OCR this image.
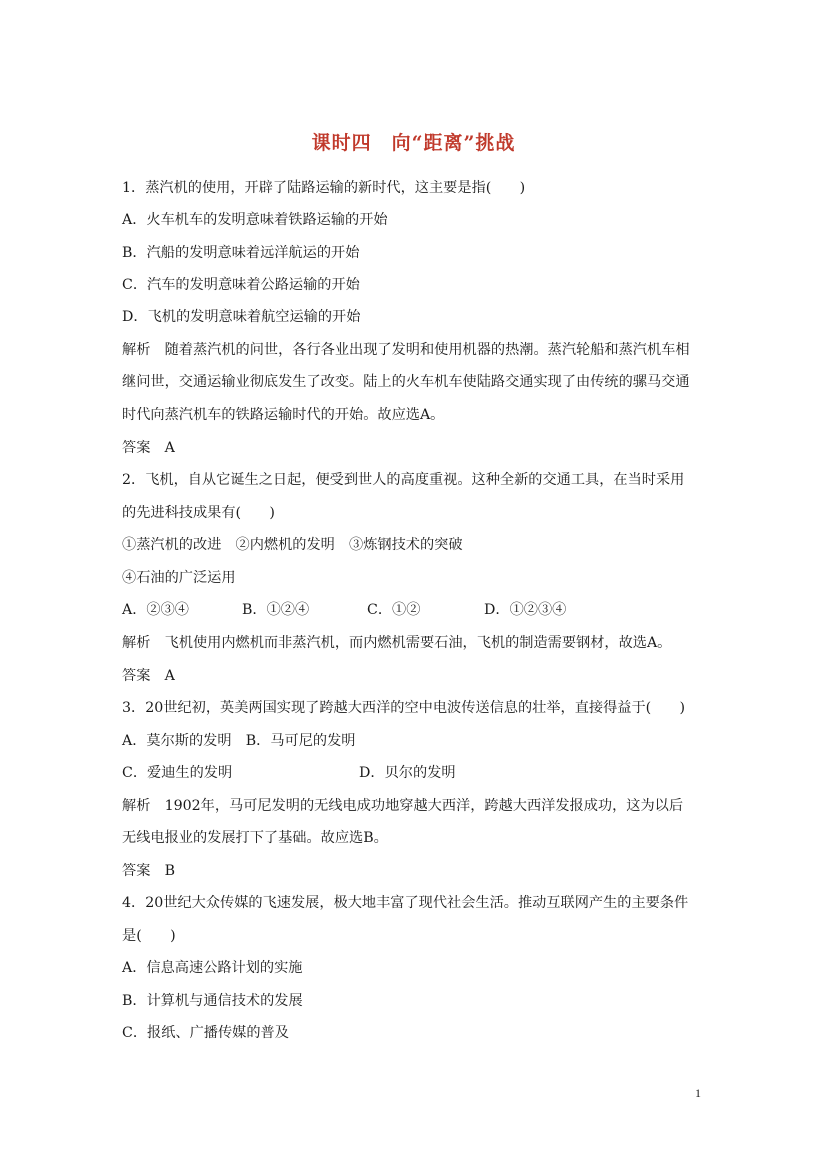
课时四　向“距离”挑战
1．蒸汽机的使用，开辟了陆路运输的新时代，这主要是指(　　)
A．火车机车的发明意味着铁路运输的开始
B．汽船的发明意味着远洋航运的开始
C．汽车的发明意味着公路运输的开始
D．飞机的发明意味着航空运输的开始
解析　随着蒸汽机的问世，各行各业出现了发明和使用机器的热潮。蒸汽轮船和蒸汽机车相
继问世，交通运输业彻底发生了改变。陆上的火车机车使陆路交通实现了由传统的骡马交通
时代向蒸汽机车的铁路运输时代的开始。故应选A。
答案　A
2．飞机，自从它诞生之日起，便受到世人的高度重视。这种全新的交通工具，在当时采用
的先进科技成果有(　　)
①蒸汽机的改进　②内燃机的发明　③炼钢技术的突破
④石油的广泛运用
A．②③④	B．①②④	C．①②	D．①②③④
解析　飞机使用内燃机而非蒸汽机，而内燃机需要石油，飞机的制造需要钢材，故选A。
答案　A
3．20世纪初，英美两国实现了跨越大西洋的空中电波传送信息的壮举，直接得益于(　　)
A．莫尔斯的发明　B．马可尼的发明
C．爱迪生的发明	D．贝尔的发明
解析　1902年，马可尼发明的无线电成功地穿越大西洋，跨越大西洋发报成功，这为以后
无线电报业的发展打下了基础。故应选B。
答案　B
4．20世纪大众传媒的飞速发展，极大地丰富了现代社会生活。推动互联网产生的主要条件
是(　　)
A．信息高速公路计划的实施
B．计算机与通信技术的发展
C．报纸、广播传媒的普及
1
